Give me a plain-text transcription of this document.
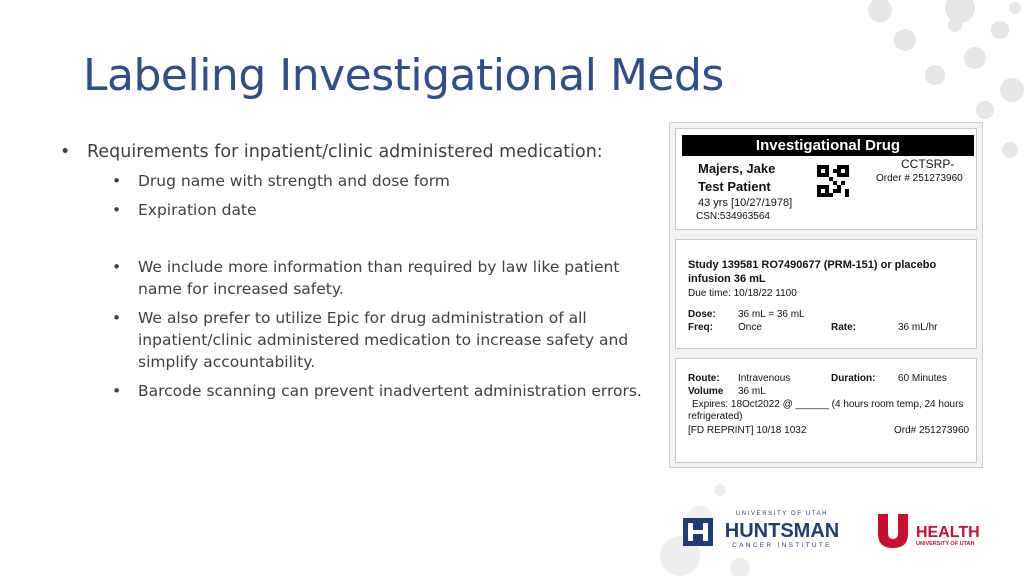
Labeling Investigational Meds
• Requirements for inpatient/clinic administered medication:
• Drug name with strength and dose form
• Expiration date
• We include more information than required by law like patient name for increased safety.
• We also prefer to utilize Epic for drug administration of all inpatient/clinic administered medication to increase safety and simplify accountability.
• Barcode scanning can prevent inadvertent administration errors.
Investigational Drug
Majers, Jake
Test Patient
43 yrs [10/27/1978]
CSN:534963564
CCTSRP-
Order # 251273960
Study 139581 RO7490677 (PRM-151) or placebo
infusion 36 mL
Due time: 10/18/22 1100
Dose: 36 mL = 36 mL
Freq:	Once	Rate:	36 mL/hr
Route: Intravenous	Duration: 60 Minutes
Volume 36 mL
Expires: 18Oct2022 @ ______ (4 hours room temp, 24 hours
refrigerated)
[FD REPRINT] 10/18 1032	Ord# 251273960
UNIVERSITY OF UTAH
HUNTSMAN
CANCER INSTITUTE
HEALTH
UNIVERSITY OF UTAH
